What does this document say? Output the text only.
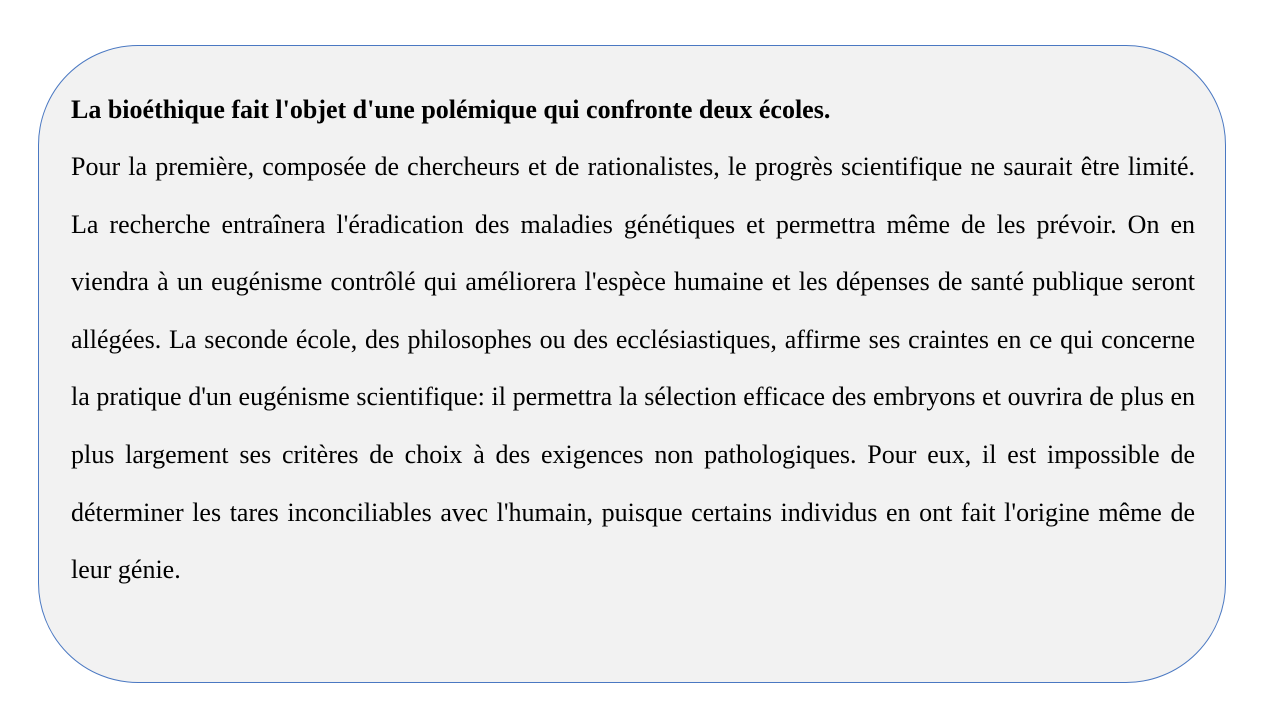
La bioéthique fait l'objet d'une polémique qui confronte deux écoles.

Pour la première, composée de chercheurs et de rationalistes, le progrès scientifique ne saurait être limité. La recherche entraînera l'éradication des maladies génétiques et permettra même de les prévoir. On en viendra à un eugénisme contrôlé qui améliorera l'espèce humaine et les dépenses de santé publique seront allégées. La seconde école, des philosophes ou des ecclésiastiques, affirme ses craintes en ce qui concerne la pratique d'un eugénisme scientifique: il permettra la sélection efficace des embryons et ouvrira de plus en plus largement ses critères de choix à des exigences non pathologiques. Pour eux, il est impossible de déterminer les tares inconciliables avec l'humain, puisque certains individus en ont fait l'origine même de leur génie.
